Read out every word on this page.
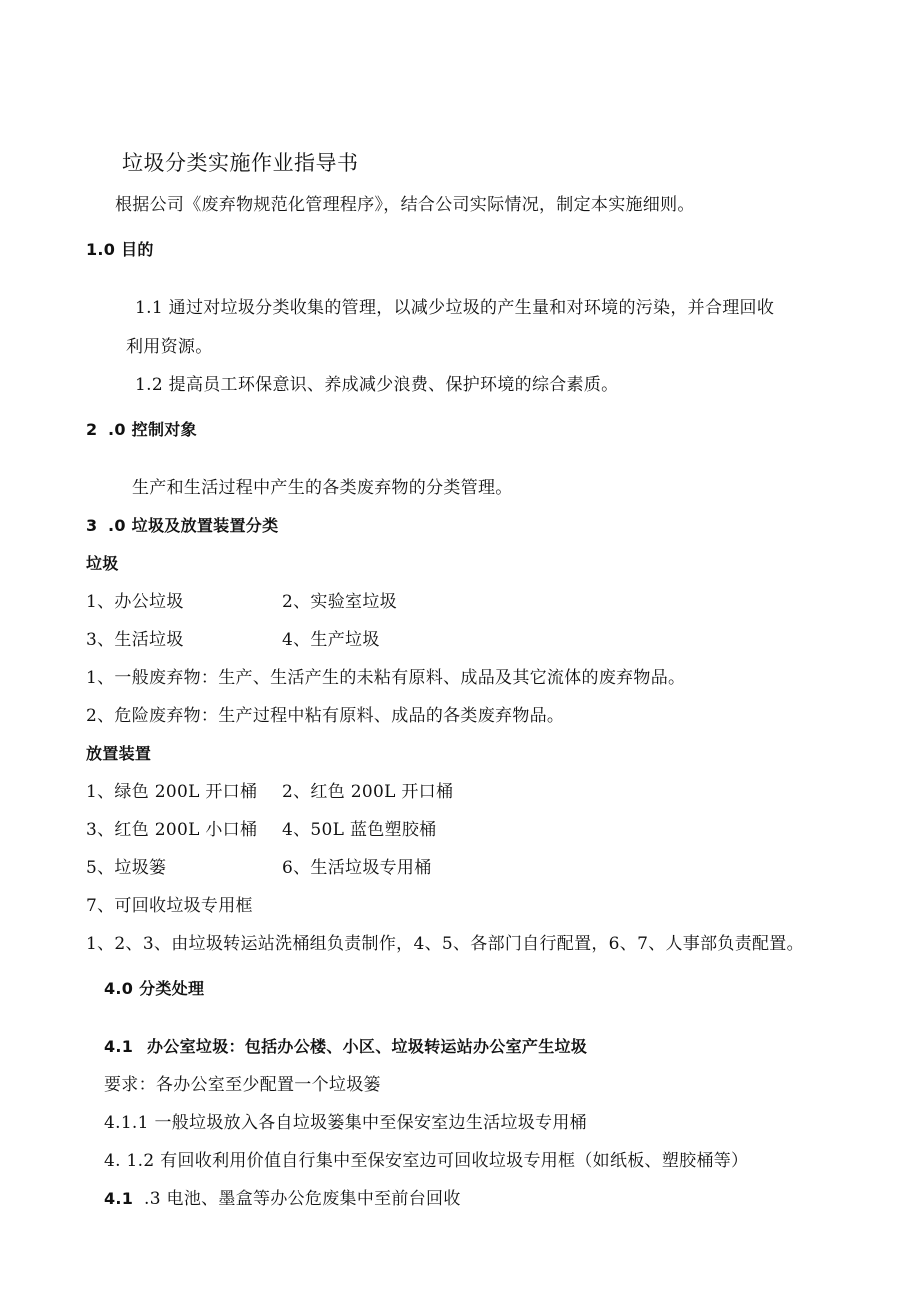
垃圾分类实施作业指导书
根据公司《废弃物规范化管理程序》，结合公司实际情况，制定本实施细则。
1.0 目的
1.1 通过对垃圾分类收集的管理，以减少垃圾的产生量和对环境的污染，并合理回收
利用资源。
1.2 提高员工环保意识、养成减少浪费、保护环境的综合素质。
2 .0 控制对象
生产和生活过程中产生的各类废弃物的分类管理。
3 .0 垃圾及放置装置分类
垃圾
1、办公垃圾	2、实验室垃圾
3、生活垃圾	4、生产垃圾
1、一般废弃物：生产、生活产生的未粘有原料、成品及其它流体的废弃物品。
2、危险废弃物：生产过程中粘有原料、成品的各类废弃物品。
放置装置
1、绿色 200L 开口桶 2、红色 200L 开口桶
3、红色 200L 小口桶 4、50L 蓝色塑胶桶
5、垃圾篓	6、生活垃圾专用桶
7、可回收垃圾专用框
1、2、3、由垃圾转运站洗桶组负责制作，4、5、各部门自行配置，6、7、人事部负责配置。
4.0 分类处理
4.1 办公室垃圾：包括办公楼、小区、垃圾转运站办公室产生垃圾
要求：各办公室至少配置一个垃圾篓
4.1.1 一般垃圾放入各自垃圾篓集中至保安室边生活垃圾专用桶
4. 1.2 有回收利用价值自行集中至保安室边可回收垃圾专用框（如纸板、塑胶桶等）
4.1 .3 电池、墨盒等办公危废集中至前台回收
